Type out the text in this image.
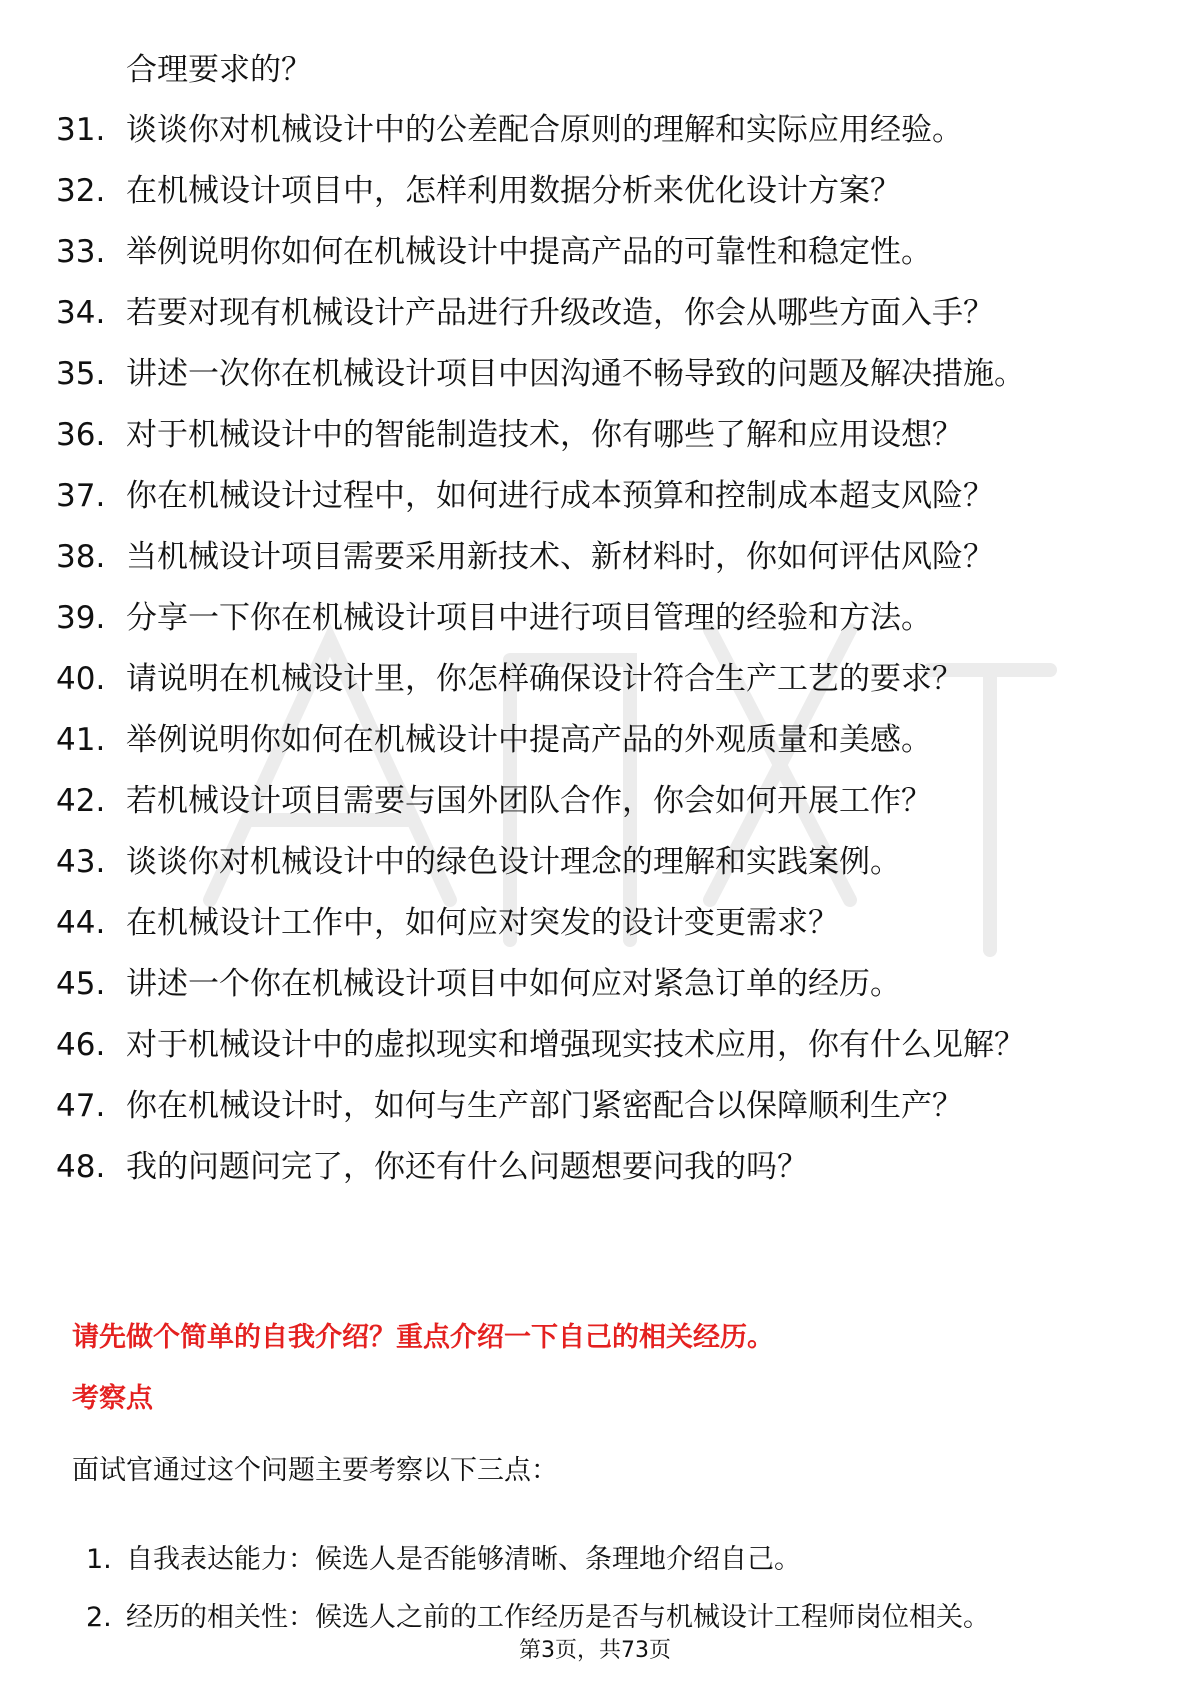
合理要求的？

31. 谈谈你对机械设计中的公差配合原则的理解和实际应用经验。
32. 在机械设计项目中，怎样利用数据分析来优化设计方案？
33. 举例说明你如何在机械设计中提高产品的可靠性和稳定性。
34. 若要对现有机械设计产品进行升级改造，你会从哪些方面入手？
35. 讲述一次你在机械设计项目中因沟通不畅导致的问题及解决措施。
36. 对于机械设计中的智能制造技术，你有哪些了解和应用设想？
37. 你在机械设计过程中，如何进行成本预算和控制成本超支风险？
38. 当机械设计项目需要采用新技术、新材料时，你如何评估风险？
39. 分享一下你在机械设计项目中进行项目管理的经验和方法。
40. 请说明在机械设计里，你怎样确保设计符合生产工艺的要求？
41. 举例说明你如何在机械设计中提高产品的外观质量和美感。
42. 若机械设计项目需要与国外团队合作，你会如何开展工作？
43. 谈谈你对机械设计中的绿色设计理念的理解和实践案例。
44. 在机械设计工作中，如何应对突发的设计变更需求？
45. 讲述一个你在机械设计项目中如何应对紧急订单的经历。
46. 对于机械设计中的虚拟现实和增强现实技术应用，你有什么见解？
47. 你在机械设计时，如何与生产部门紧密配合以保障顺利生产？
48. 我的问题问完了，你还有什么问题想要问我的吗？

请先做个简单的自我介绍？重点介绍一下自己的相关经历。

考察点

面试官通过这个问题主要考察以下三点：

1. 自我表达能力：候选人是否能够清晰、条理地介绍自己。
2. 经历的相关性：候选人之前的工作经历是否与机械设计工程师岗位相关。

第3页，共73页
